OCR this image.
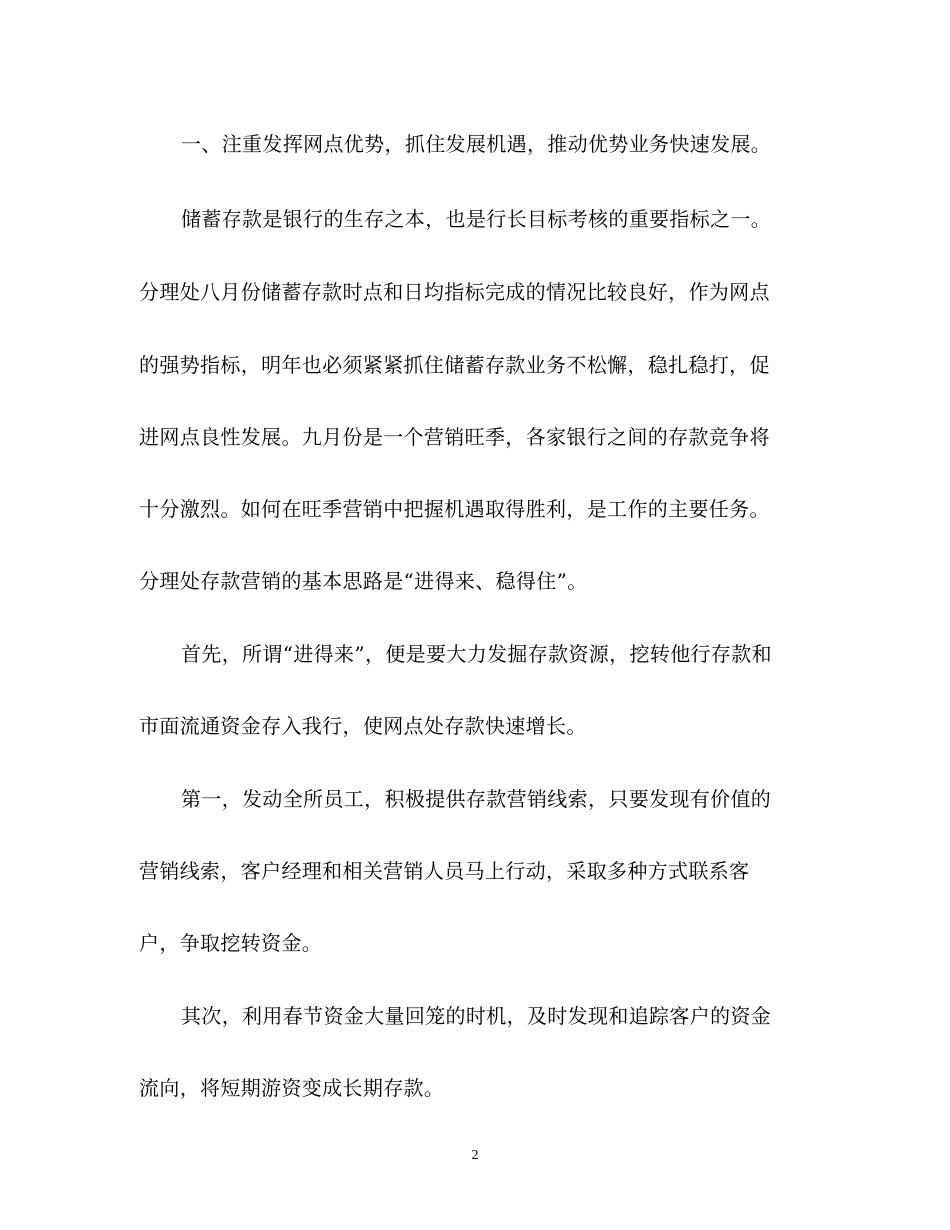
一、注重发挥网点优势，抓住发展机遇，推动优势业务快速发展。
储蓄存款是银行的生存之本，也是行长目标考核的重要指标之一。
分理处八月份储蓄存款时点和日均指标完成的情况比较良好，作为网点
的强势指标，明年也必须紧紧抓住储蓄存款业务不松懈，稳扎稳打，促
进网点良性发展。九月份是一个营销旺季，各家银行之间的存款竞争将
十分激烈。如何在旺季营销中把握机遇取得胜利，是工作的主要任务。
分理处存款营销的基本思路是“进得来、稳得住”。
首先，所谓“进得来”，便是要大力发掘存款资源，挖转他行存款和
市面流通资金存入我行，使网点处存款快速增长。
第一，发动全所员工，积极提供存款营销线索，只要发现有价值的
营销线索，客户经理和相关营销人员马上行动，采取多种方式联系客
户，争取挖转资金。
其次，利用春节资金大量回笼的时机，及时发现和追踪客户的资金
流向，将短期游资变成长期存款。
2
